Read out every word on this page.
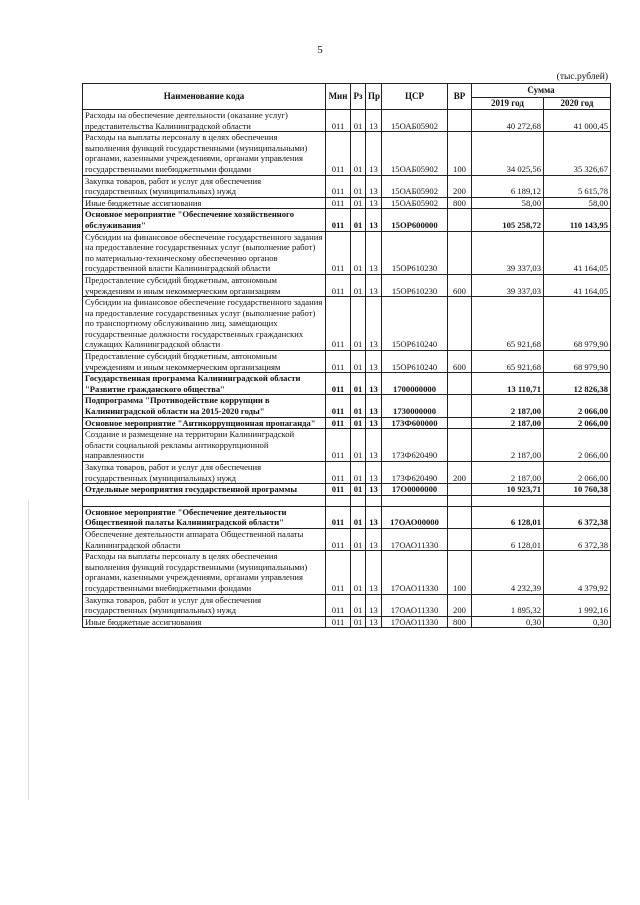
5
(тыс.рублей)
Наименование кода	Мин	Рз	Пр	ЦСР	ВР	Сумма	
						2019 год	2020 год
Расходы на обеспечение деятельности (оказание услуг) представительства Калининградской области	011	01	13	15ОАБ05902		40 272,68	41 000,45
Расходы на выплаты персоналу в целях обеспечения выполнения функций государственными (муниципальными) органами, казенными учреждениями, органами управления государственными внебюджетными фондами	011	01	13	15ОАБ05902	100	34 025,56	35 326,67
Закупка товаров, работ и услуг для обеспечения государственных (муниципальных) нужд	011	01	13	15ОАБ05902	200	6 189,12	5 615,78
Иные бюджетные ассигнования	011	01	13	15ОАБ05902	800	58,00	58,00
Основное мероприятие "Обеспечение хозяйственного обслуживания"	011	01	13	15ОР600000		105 258,72	110 143,95
Субсидии на финансовое обеспечение государственного задания на предоставление государственных услуг (выполнение работ) по материально-техническому обеспечению органов государственной власти Калининградской области	011	01	13	15ОР610230		39 337,03	41 164,05
Предоставление субсидий бюджетным, автономным учреждениям и иным некоммерческим организациям	011	01	13	15ОР610230	600	39 337,03	41 164,05
Субсидии на финансовое обеспечение государственного задания на предоставление государственных услуг (выполнение работ) по транспортному обслуживанию лиц, замещающих государственные должности государственных гражданских служащих Калининградской области	011	01	13	15ОР610240		65 921,68	68 979,90
Предоставление субсидий бюджетным, автономным учреждениям и иным некоммерческим организациям	011	01	13	15ОР610240	600	65 921,68	68 979,90
Государственная программа Калининградской области "Развитие гражданского общества"	011	01	13	1700000000		13 110,71	12 826,38
Подпрограмма "Противодействие коррупции в Калининградской области на 2015-2020 годы"	011	01	13	1730000000		2 187,00	2 066,00
Основное мероприятие "Антикоррупционная пропаганда"	011	01	13	173Ф600000		2 187,00	2 066,00
Создание и размещение на территории Калининградской области социальной рекламы антикоррупционной направленности	011	01	13	173Ф620490		2 187,00	2 066,00
Закупка товаров, работ и услуг для обеспечения государственных (муниципальных) нужд	011	01	13	173Ф620490	200	2 187,00	2 066,00
Отдельные мероприятия государственной программы	011	01	13	17О0000000		10 923,71	10 760,38

Основное мероприятие "Обеспечение деятельности Общественной палаты Калининградской области"	011	01	13	17ОАО00000		6 128,01	6 372,38
Обеспечение деятельности аппарата Общественной палаты Калининградской области	011	01	13	17ОАО11330		6 128,01	6 372,38
Расходы на выплаты персоналу в целях обеспечения выполнения функций государственными (муниципальными) органами, казенными учреждениями, органами управления государственными внебюджетными фондами	011	01	13	17ОАО11330	100	4 232,39	4 379,92
Закупка товаров, работ и услуг для обеспечения государственных (муниципальных) нужд	011	01	13	17ОАО11330	200	1 895,32	1 992,16
Иные бюджетные ассигнования	011	01	13	17ОАО11330	800	0,30	0,30
